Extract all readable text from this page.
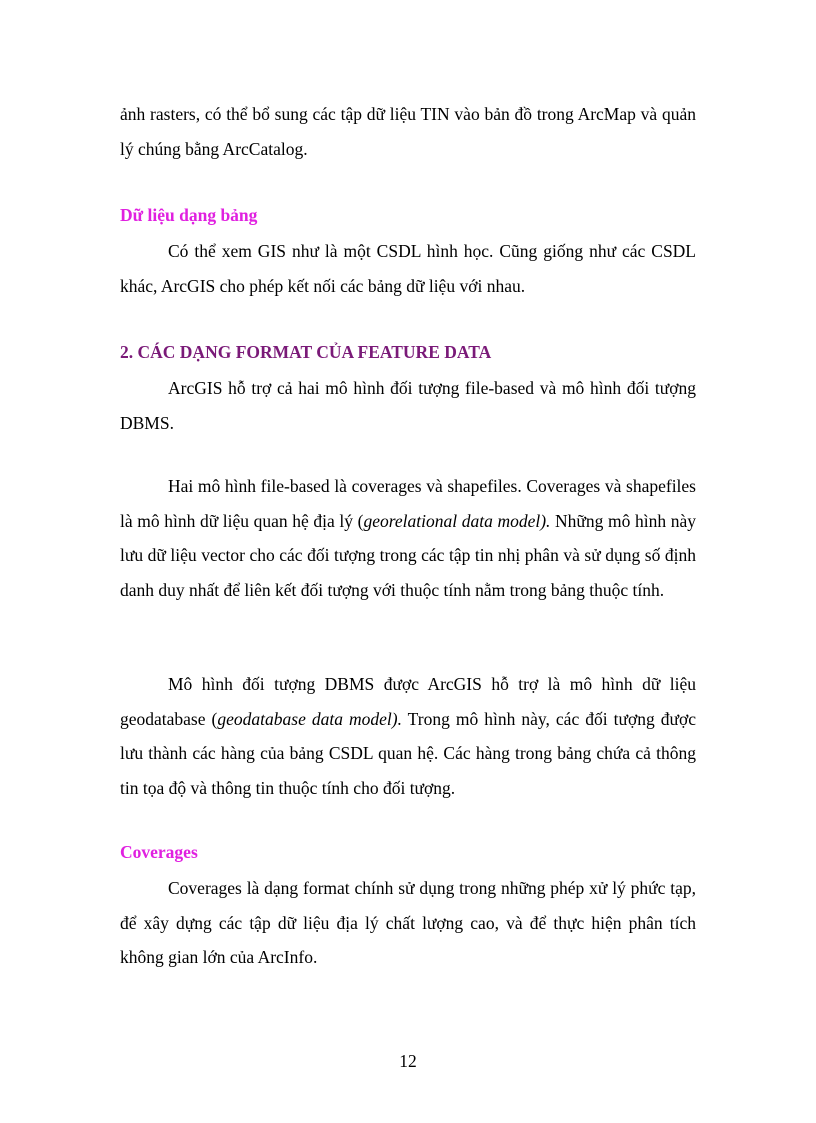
ảnh rasters, có thể bổ sung các tập dữ liệu TIN vào bản đồ trong ArcMap và quản lý chúng bằng ArcCatalog.

Dữ liệu dạng bảng

Có thể xem GIS như là một CSDL hình học. Cũng giống như các CSDL khác, ArcGIS cho phép kết nối các bảng dữ liệu với nhau.

2. CÁC DẠNG FORMAT CỦA FEATURE DATA

ArcGIS hỗ trợ cả hai mô hình đối tượng file-based và mô hình đối tượng DBMS.

Hai mô hình file-based là coverages và shapefiles. Coverages và shapefiles là mô hình dữ liệu quan hệ địa lý (georelational data model). Những mô hình này lưu dữ liệu vector cho các đối tượng trong các tập tin nhị phân và sử dụng số định danh duy nhất để liên kết đối tượng với thuộc tính nằm trong bảng thuộc tính.

Mô hình đối tượng DBMS được ArcGIS hỗ trợ là mô hình dữ liệu geodatabase (geodatabase data model). Trong mô hình này, các đối tượng được lưu thành các hàng của bảng CSDL quan hệ. Các hàng trong bảng chứa cả thông tin tọa độ và thông tin thuộc tính cho đối tượng.

Coverages

Coverages là dạng format chính sử dụng trong những phép xử lý phức tạp, để xây dựng các tập dữ liệu địa lý chất lượng cao, và để thực hiện phân tích không gian lớn của ArcInfo.

12
